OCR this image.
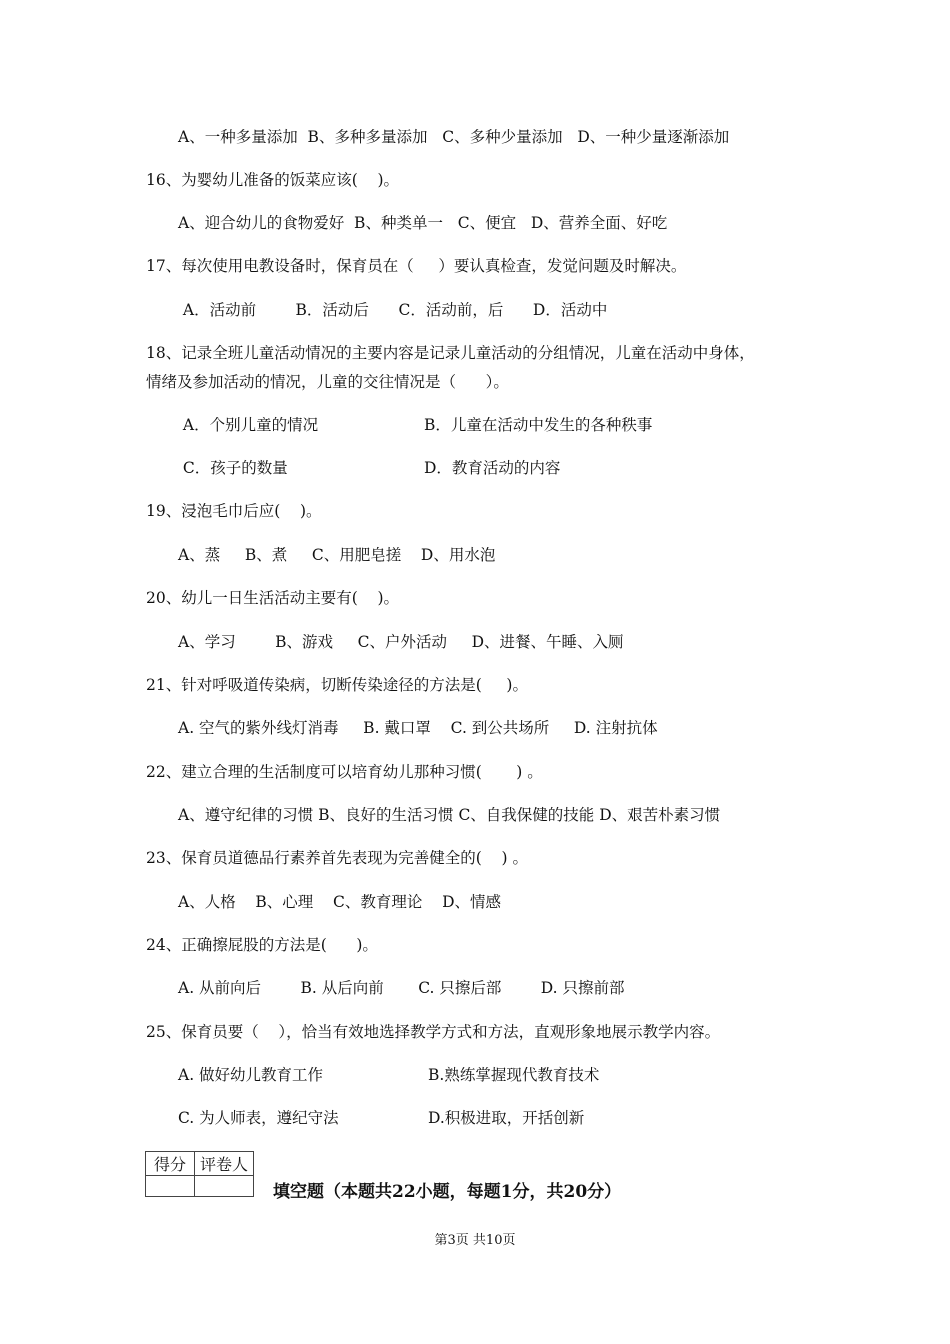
A、一种多量添加  B、多种多量添加   C、多种少量添加   D、一种少量逐渐添加
16、为婴幼儿准备的饭菜应该(    )。
A、迎合幼儿的食物爱好  B、种类单一   C、便宜   D、营养全面、好吃
17、每次使用电教设备时，保育员在（     ）要认真检查，发觉问题及时解决。
A．活动前        B．活动后      C．活动前，后      D．活动中
18、记录全班儿童活动情况的主要内容是记录儿童活动的分组情况，儿童在活动中身体，
情绪及参加活动的情况，儿童的交往情况是（      ）。
A．个别儿童的情况	B．儿童在活动中发生的各种秩事
C．孩子的数量	D．教育活动的内容
19、浸泡毛巾后应(    )。
A、蒸     B、煮     C、用肥皂搓    D、用水泡
20、幼儿一日生活活动主要有(    )。
A、学习        B、游戏     C、户外活动     D、进餐、午睡、入厕
21、针对呼吸道传染病，切断传染途径的方法是(     )。
A. 空气的紫外线灯消毒     B. 戴口罩    C. 到公共场所     D. 注射抗体
22、建立合理的生活制度可以培育幼儿那种习惯(       ) 。
A、遵守纪律的习惯 B、良好的生活习惯 C、自我保健的技能 D、艰苦朴素习惯
23、保育员道德品行素养首先表现为完善健全的(    ) 。
A、人格    B、心理    C、教育理论    D、情感
24、正确擦屁股的方法是(      )。
A. 从前向后        B. 从后向前       C. 只擦后部        D. 只擦前部
25、保育员要（    ），恰当有效地选择教学方式和方法，直观形象地展示教学内容。
A. 做好幼儿教育工作	B.熟练掌握现代教育技术
C. 为人师表，遵纪守法	D.积极进取，开括创新
得分	评卷人

填空题（本题共22小题，每题1分，共20分）
第3页 共10页
